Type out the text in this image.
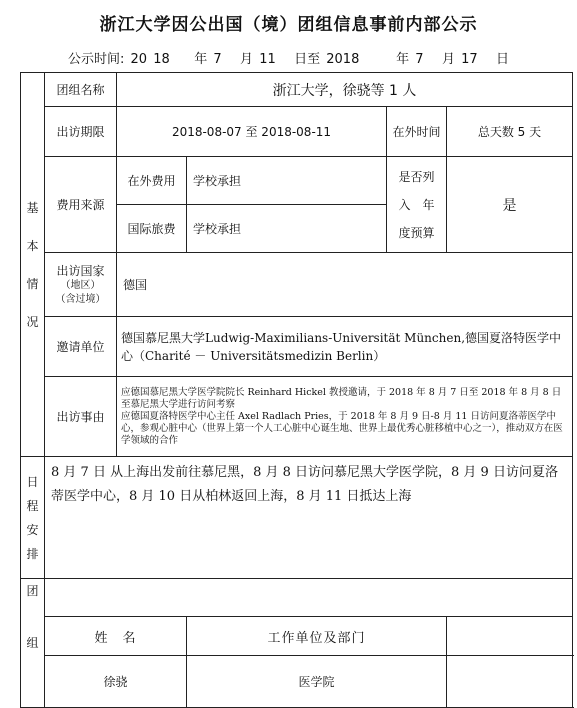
浙江大学因公出国（境）团组信息事前内部公示
公示时间: 20 18    年 7   月 11   日至 2018      年 7   月 17   日
基
本
情
况	团组名称	浙江大学，徐骁等 1 人				
	出访期限	2018-08-07 至 2018-08-11		在外时间	总天数 5 天	
	费用来源	在外费用	学校承担	是否列
入　年
度预算	是	
		国际旅费	学校承担			

	出访国家
（地区）
（含过境）	德国				
	邀请单位	德国慕尼黑大学Ludwig-Maximilians-Universität München,德国夏洛特医学中心（Charité － Universitätsmedizin Berlin）				
	出访事由	应德国慕尼黑大学医学院院长 Reinhard Hickel 教授邀请，于 2018 年 8 月 7 日至 2018 年 8 月 8 日至慕尼黑大学进行访问考察
应德国夏洛特医学中心主任 Axel Radlach Pries，于 2018 年 8 月 9 日-8 月 11 日访问夏洛蒂医学中心，参观心脏中心（世界上第一个人工心脏中心诞生地、世界上最优秀心脏移植中心之一），推动双方在医学领域的合作				

日
程
安
排	8 月 7 日 从上海出发前往慕尼黑，8 月 8 日访问慕尼黑大学医学院，8 月 9 日访问夏洛蒂医学中心，8 月 10 日从柏林返回上海，8 月 11 日抵达上海					

团
组						

	姓　名		工作单位及部门		
	徐骁		医学院		
